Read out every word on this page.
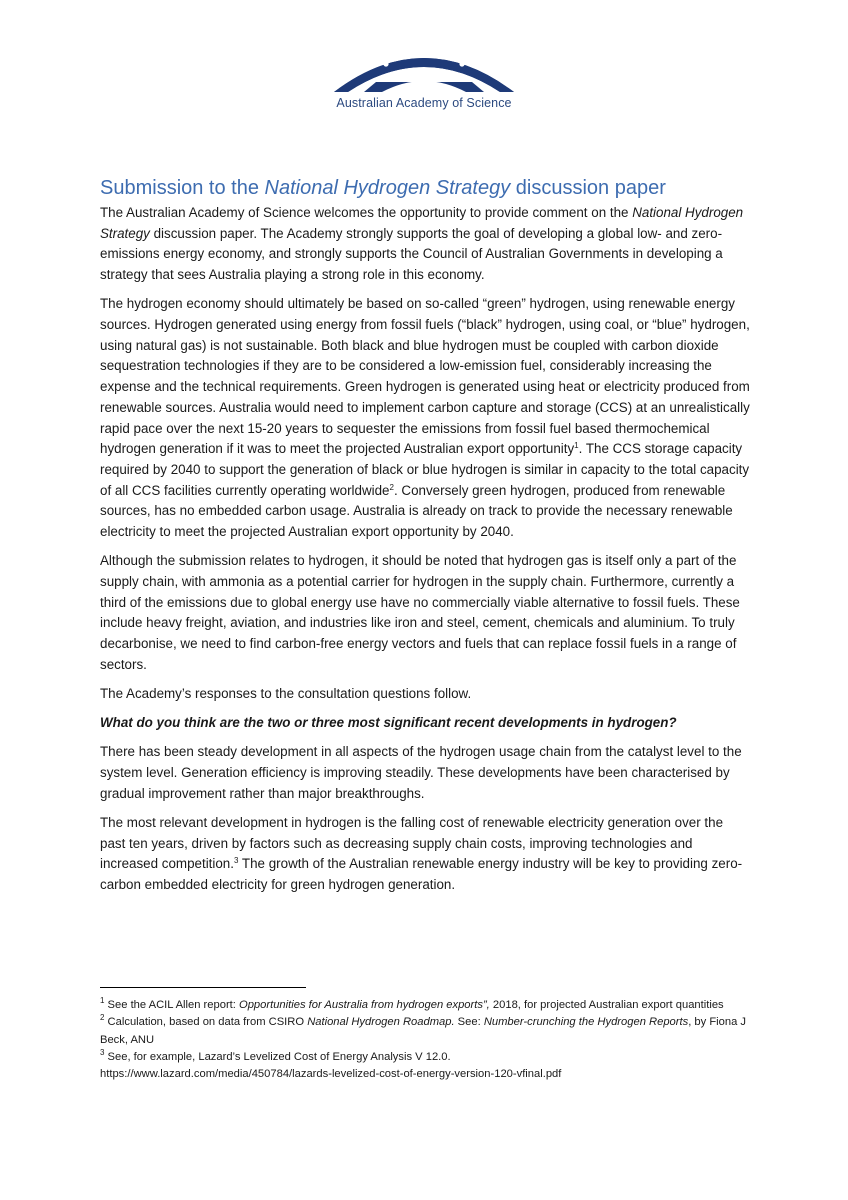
Australian Academy of Science
Submission to the National Hydrogen Strategy discussion paper

The Australian Academy of Science welcomes the opportunity to provide comment on the National Hydrogen Strategy discussion paper. The Academy strongly supports the goal of developing a global low- and zero-emissions energy economy, and strongly supports the Council of Australian Governments in developing a strategy that sees Australia playing a strong role in this economy.

The hydrogen economy should ultimately be based on so-called “green” hydrogen, using renewable energy sources. Hydrogen generated using energy from fossil fuels (“black” hydrogen, using coal, or “blue” hydrogen, using natural gas) is not sustainable. Both black and blue hydrogen must be coupled with carbon dioxide sequestration technologies if they are to be considered a low-emission fuel, considerably increasing the expense and the technical requirements. Green hydrogen is generated using heat or electricity produced from renewable sources. Australia would need to implement carbon capture and storage (CCS) at an unrealistically rapid pace over the next 15-20 years to sequester the emissions from fossil fuel based thermochemical hydrogen generation if it was to meet the projected Australian export opportunity$^1$. The CCS storage capacity required by 2040 to support the generation of black or blue hydrogen is similar in capacity to the total capacity of all CCS facilities currently operating worldwide$^2$. Conversely green hydrogen, produced from renewable sources, has no embedded carbon usage. Australia is already on track to provide the necessary renewable electricity to meet the projected Australian export opportunity by 2040.

Although the submission relates to hydrogen, it should be noted that hydrogen gas is itself only a part of the supply chain, with ammonia as a potential carrier for hydrogen in the supply chain. Furthermore, currently a third of the emissions due to global energy use have no commercially viable alternative to fossil fuels. These include heavy freight, aviation, and industries like iron and steel, cement, chemicals and aluminium. To truly decarbonise, we need to find carbon-free energy vectors and fuels that can replace fossil fuels in a range of sectors.

The Academy’s responses to the consultation questions follow.

What do you think are the two or three most significant recent developments in hydrogen?

There has been steady development in all aspects of the hydrogen usage chain from the catalyst level to the system level. Generation efficiency is improving steadily. These developments have been characterised by gradual improvement rather than major breakthroughs.

The most relevant development in hydrogen is the falling cost of renewable electricity generation over the past ten years, driven by factors such as decreasing supply chain costs, improving technologies and increased competition.$^3$ The growth of the Australian renewable energy industry will be key to providing zero-carbon embedded electricity for green hydrogen generation.

$^1$ See the ACIL Allen report: Opportunities for Australia from hydrogen exports”, 2018, for projected Australian export quantities
$^2$ Calculation, based on data from CSIRO National Hydrogen Roadmap. See: Number-crunching the Hydrogen Reports, by Fiona J Beck, ANU
$^3$ See, for example, Lazard’s Levelized Cost of Energy Analysis V 12.0.
https://www.lazard.com/media/450784/lazards-levelized-cost-of-energy-version-120-vfinal.pdf
